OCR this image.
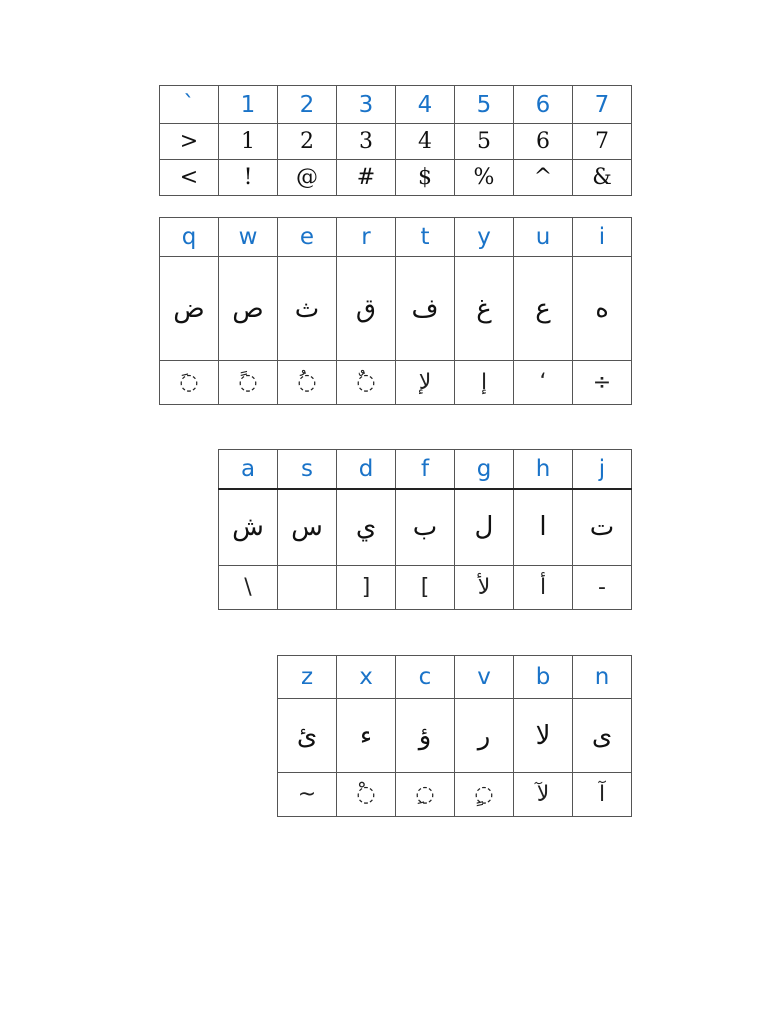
`	1	2	3	4	5	6	7
>	1	2	3	4	5	6	7
<	!	@	#	$	%	^	&
q	w	e	r	t	y	u	i
ض	ص	ث	ق	ف	غ	ع	ه
◌َ	◌ً	◌ُ	◌ٌ	لإ	إ	‘	÷
a	s	d	f	g	h	j
ش	س	ي	ب	ل	ا	ت
\		]	[	لأ	أ	-
z	x	c	v	b	n
ئ	ء	ؤ	ر	لا	ى
~	◌ْ	◌ِ	◌ٍ	لآ	آ
